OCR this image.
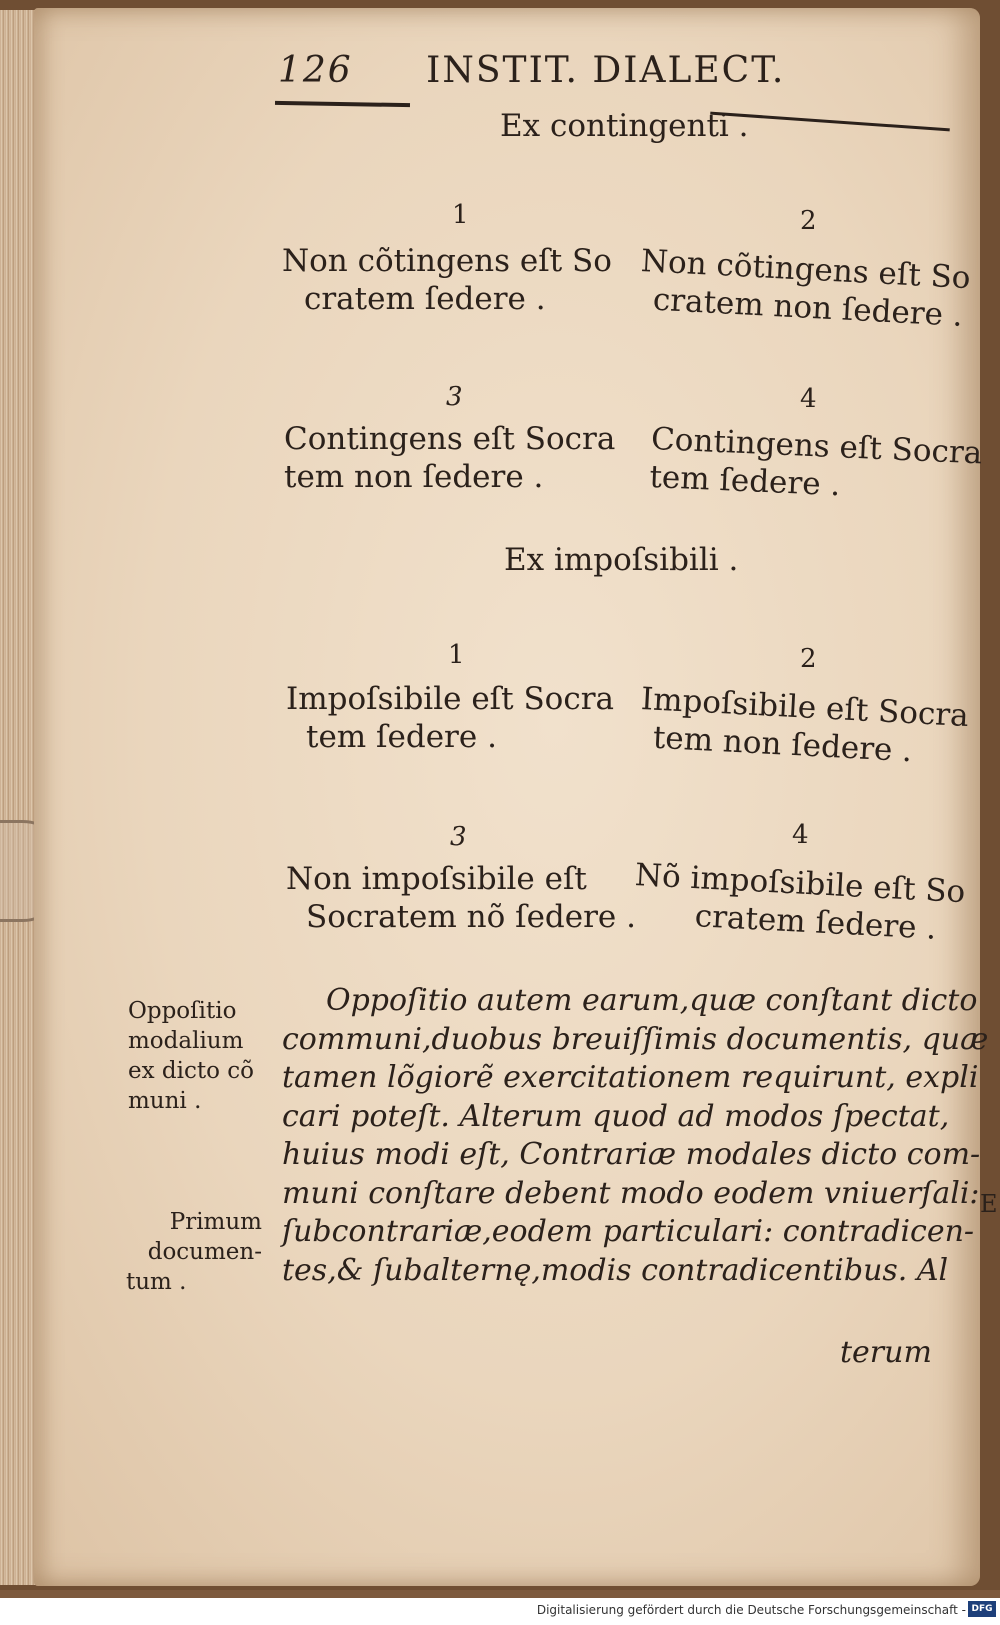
126 INSTIT. DIALECT.
Ex contingenti .
1	2
Non cõtingens eſt So
cratem ſedere .
Non cõtingens eſt So
cratem non ſedere .
3	4
Contingens eſt Socra
tem non ſedere .
Contingens eſt Socra
tem ſedere .
Ex impoſsibili .
1	2
Impoſsibile eſt Socra
tem ſedere .
Impoſsibile eſt Socra
tem non ſedere .
3	4
Non impoſsibile eſt
Socratem nõ ſedere .
Nõ impoſsibile eſt So
cratem ſedere .
Oppoſitio
modalium
ex dicto cõ
muni .
Primum
documen-
tum .
Oppoſitio autem earum,quæ conſtant dicto
communi,duobus breuiſſimis documentis, quæ
tamen lõgiorẽ exercitationem requirunt, expli
cari poteſt. Alterum quod ad modos ſpectat,
huius modi eſt, Contrariæ modales dicto com-
muni conſtare debent modo eodem vniuerſali:
ſubcontrariæ,eodem particulari: contradicen-
tes,& ſubalternę,modis contradicentibus. Al
terum
E
Digitalisierung gefördert durch die Deutsche Forschungsgemeinschaft - DFG
